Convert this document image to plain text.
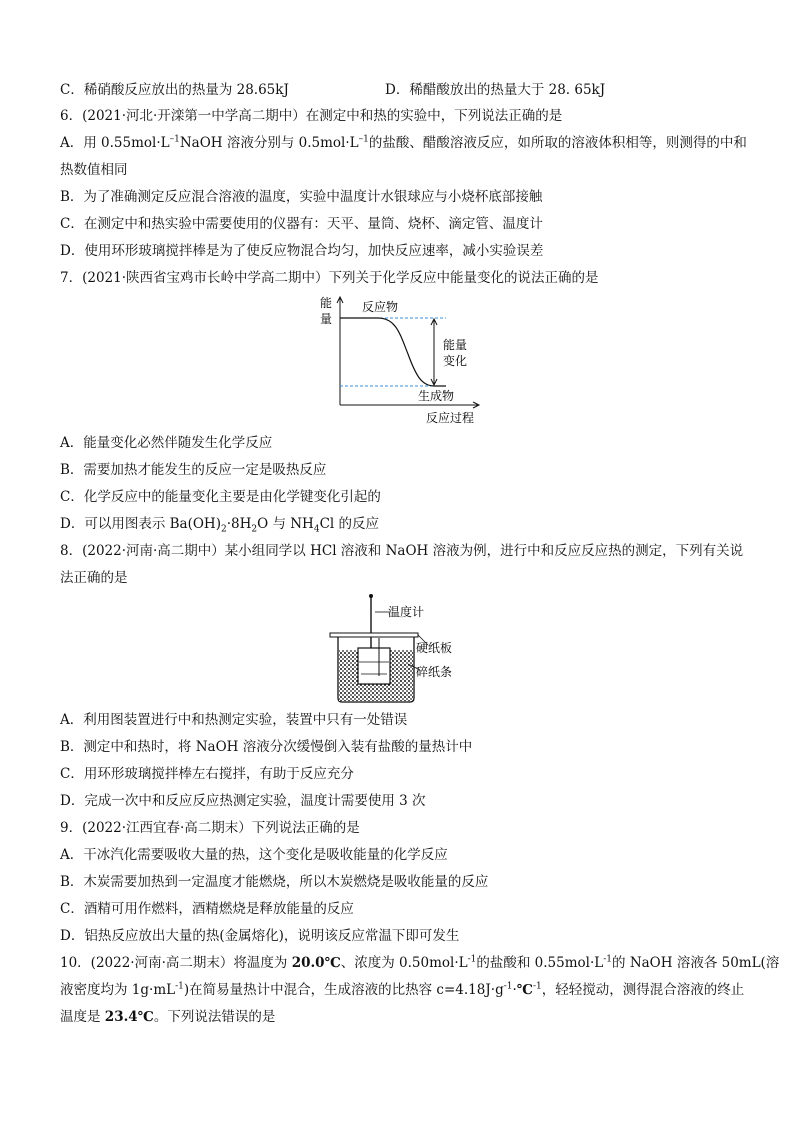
C．稀硝酸反应放出的热量为 28.65kJ	D．稀醋酸放出的热量大于 28. 65kJ
6．(2021·河北·开滦第一中学高二期中）在测定中和热的实验中，下列说法正确的是
A．用 $0.55mol\cdot L^{-1}NaOH$ 溶液分别与 $0.5mol\cdot L^{-1}$的盐酸、醋酸溶液反应，如所取的溶液体积相等，则测得的中和
热数值相同
B．为了准确测定反应混合溶液的温度，实验中温度计水银球应与小烧杯底部接触
C．在测定中和热实验中需要使用的仪器有：天平、量筒、烧杯、滴定管、温度计
D．使用环形玻璃搅拌棒是为了使反应物混合均匀，加快反应速率，减小实验误差
7．(2021·陕西省宝鸡市长岭中学高二期中）下列关于化学反应中能量变化的说法正确的是
能
量
反应物
能量
变化
生成物
反应过程
A．能量变化必然伴随发生化学反应
B．需要加热才能发生的反应一定是吸热反应
C．化学反应中的能量变化主要是由化学键变化引起的
D．可以用图表示 $Ba(OH)_2\cdot 8H_2O$ 与 $NH_4Cl$ 的反应
8．(2022·河南·高二期中）某小组同学以 HCl 溶液和 NaOH 溶液为例，进行中和反应反应热的测定，下列有关说
法正确的是
温度计
硬纸板
碎纸条
A．利用图装置进行中和热测定实验，装置中只有一处错误
B．测定中和热时，将 NaOH 溶液分次缓慢倒入装有盐酸的量热计中
C．用环形玻璃搅拌棒左右搅拌，有助于反应充分
D．完成一次中和反应反应热测定实验，温度计需要使用 3 次
9．(2022·江西宜春·高二期末）下列说法正确的是
A．干冰汽化需要吸收大量的热，这个变化是吸收能量的化学反应
B．木炭需要加热到一定温度才能燃烧，所以木炭燃烧是吸收能量的反应
C．酒精可用作燃料，酒精燃烧是释放能量的反应
D．铝热反应放出大量的热(金属熔化)，说明该反应常温下即可发生
10．(2022·河南·高二期末）将温度为 20.0℃、浓度为 $0.50mol\cdot L^{-1}$的盐酸和 $0.55mol\cdot L^{-1}$的 NaOH 溶液各 50mL(溶
液密度均为 $1g\cdot mL^{-1}$)在简易量热计中混合，生成溶液的比热容 $c=4.18J\cdot g^{-1}\cdot℃^{-1}$，轻轻搅动，测得混合溶液的终止
温度是 23.4℃。下列说法错误的是
